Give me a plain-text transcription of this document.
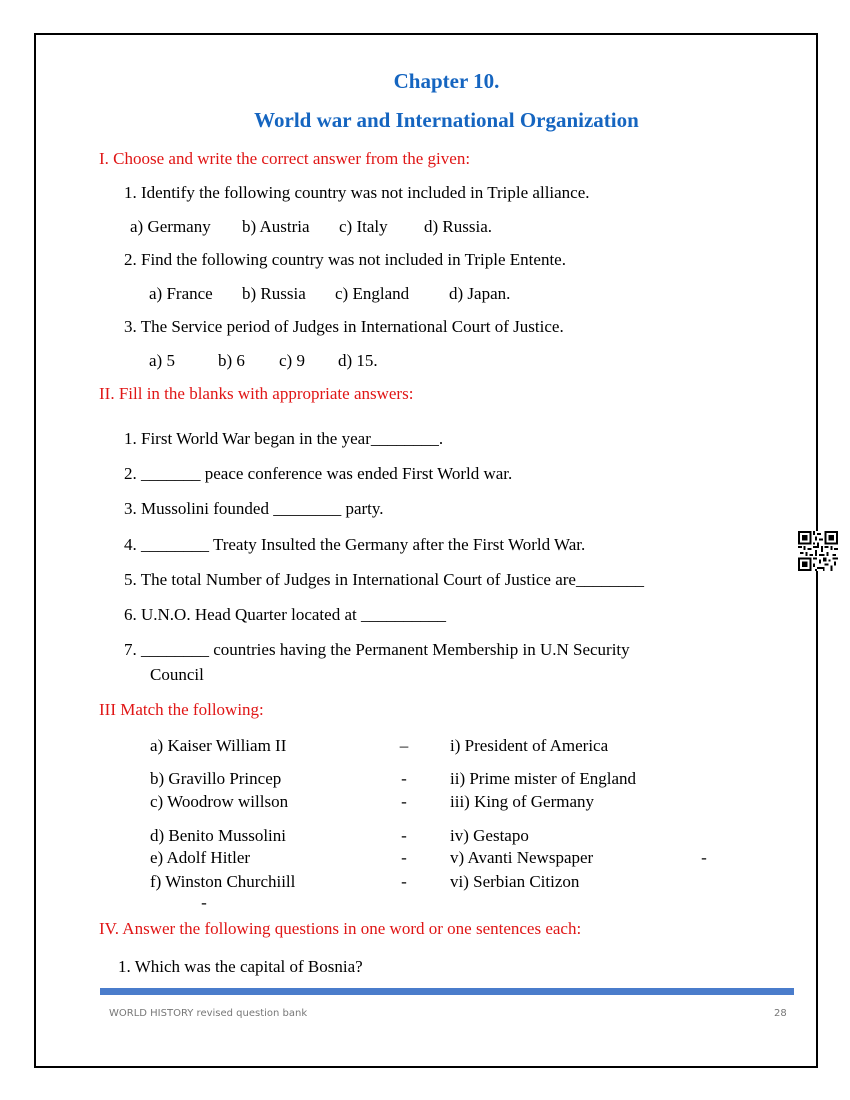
Chapter 10.
World war and International Organization
I. Choose and write the correct answer from the given:
1. Identify the following country was not included in Triple alliance.
a) Germany b) Austria c) Italy d) Russia.
2. Find the following country was not included in Triple Entente.
a) France b) Russia c) England d) Japan.
3. The Service period of Judges in International Court of Justice.
a) 5	b) 6 c) 9 d) 15.
II. Fill in the blanks with appropriate answers:
1. First World War began in the year________.
2. _______ peace conference was ended First World war.
3. Mussolini founded ________ party.
4. ________ Treaty Insulted the Germany after the First World War.
5. The total Number of Judges in International Court of Justice are________
6. U.N.O. Head Quarter located at __________
7. ________ countries having the Permanent Membership in U.N Security
Council
III Match the following:
a) Kaiser William II	– i) President of America
b) Gravillo Princep	-	ii) Prime mister of England
c) Woodrow willson	-	iii) King of Germany
d) Benito Mussolini	-	iv) Gestapo
e) Adolf Hitler	-	v) Avanti Newspaper	-
f) Winston Churchiill	-	vi) Serbian Citizon
-
IV. Answer the following questions in one word or one sentences each:
1. Which was the capital of Bosnia?
WORLD HISTORY revised question bank	28
